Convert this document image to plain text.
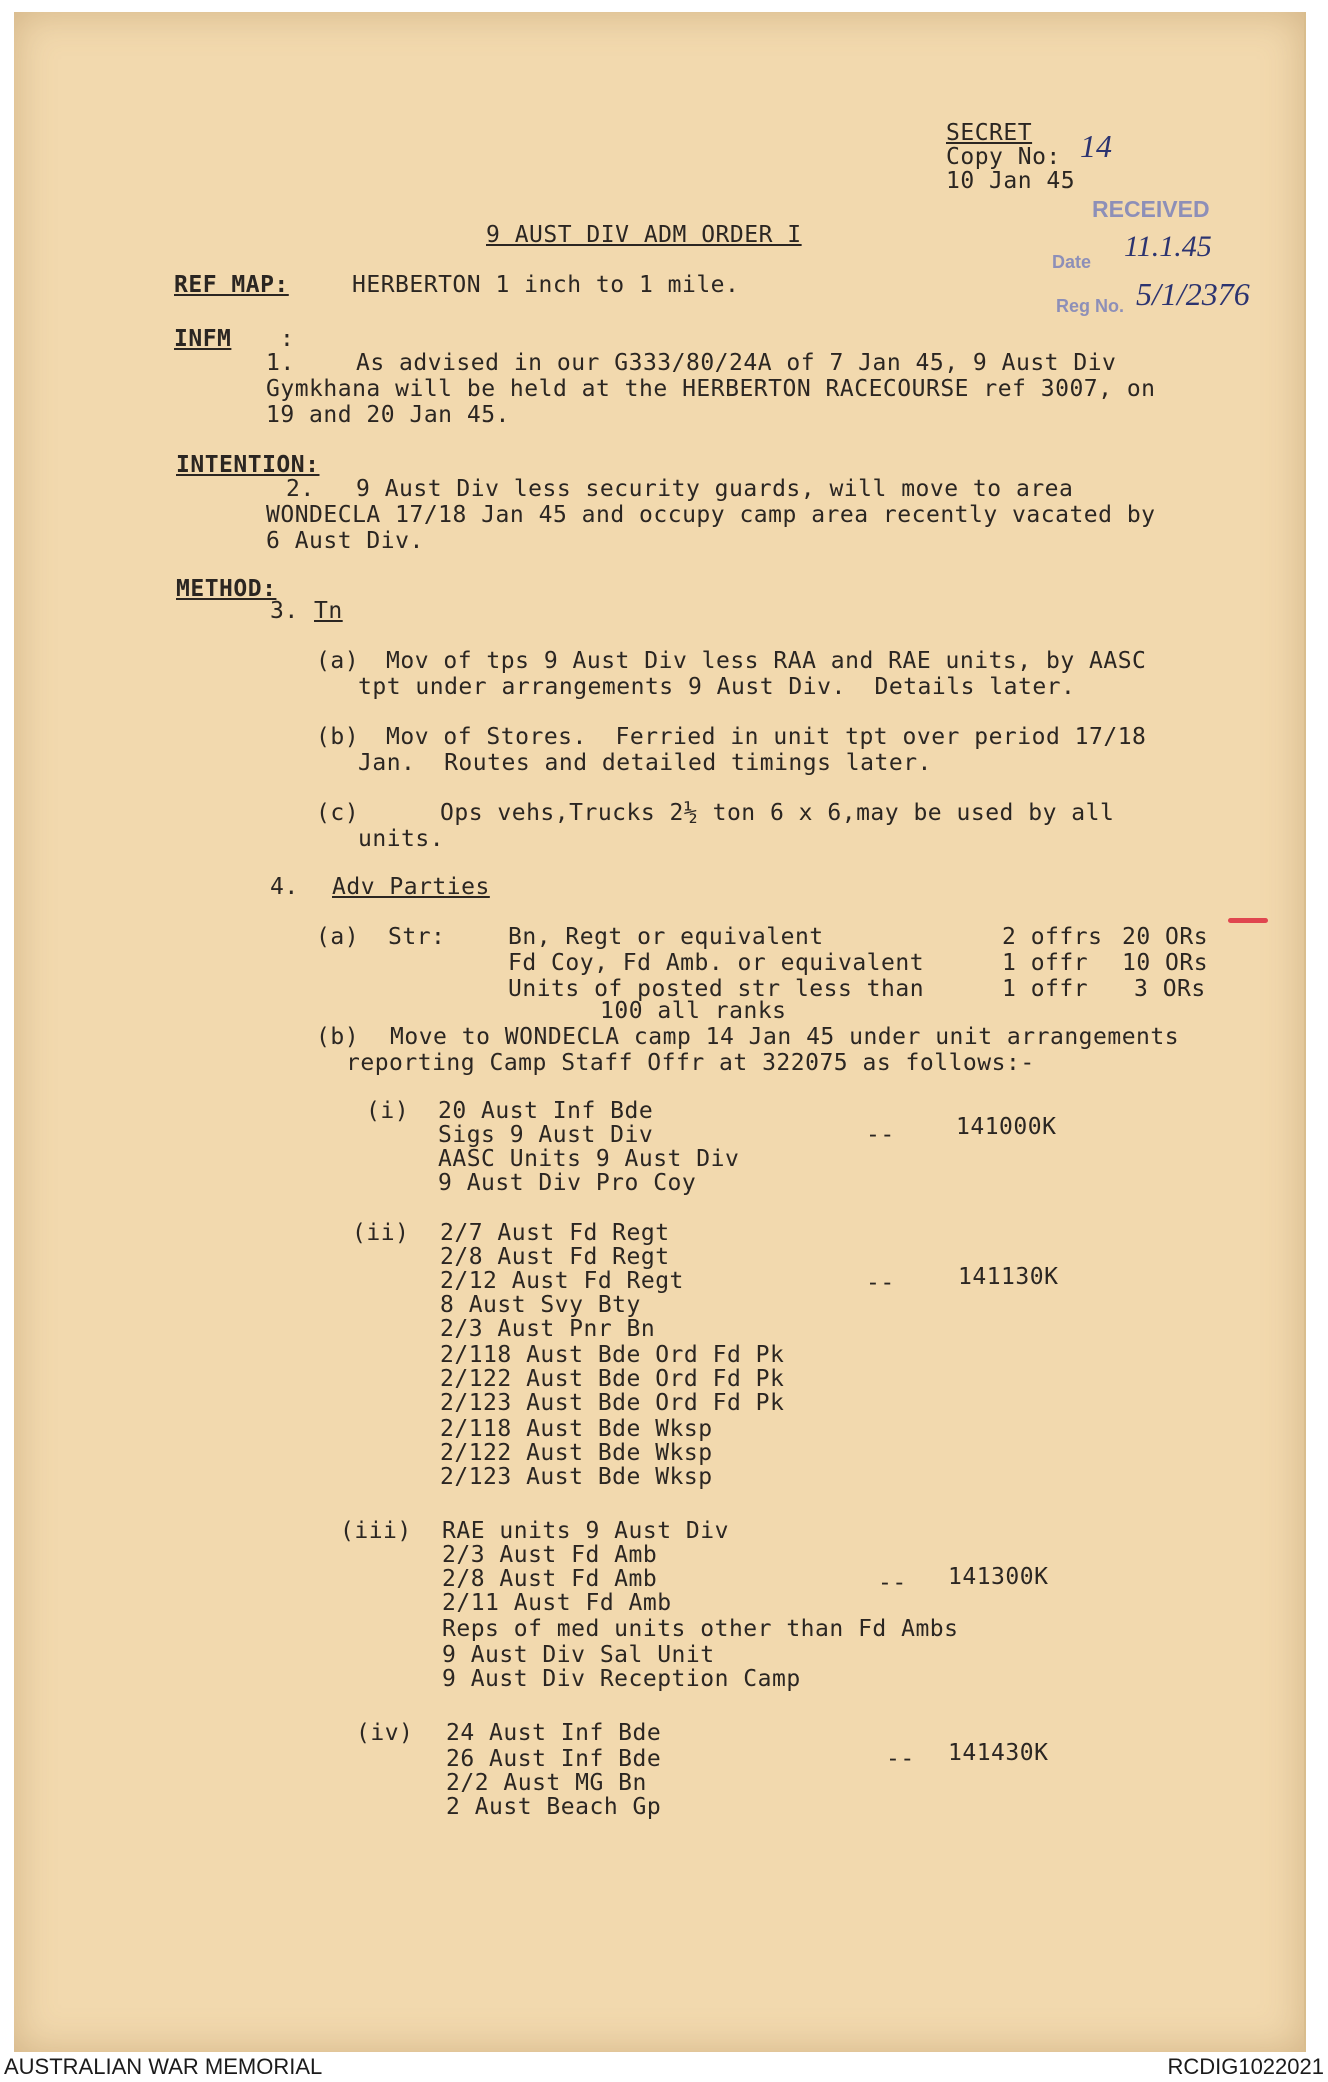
SECRET
Copy No: 14
10 Jan 45
RECEIVED
Date 11.1.45
Reg No. 5/1/2376
9 AUST DIV ADM ORDER I
REF MAP:	HERBERTON 1 inch to 1 mile.
INFM :
1.	As advised in our G333/80/24A of 7 Jan 45, 9 Aust Div
Gymkhana will be held at the HERBERTON RACECOURSE ref 3007, on
19 and 20 Jan 45.
INTENTION:
2. 9 Aust Div less security guards, will move to area
WONDECLA 17/18 Jan 45 and occupy camp area recently vacated by
6 Aust Div.
METHOD:
3. Tn
(a) Mov of tps 9 Aust Div less RAA and RAE units, by AASC
tpt under arrangements 9 Aust Div.  Details later.
(b) Mov of Stores.  Ferried in unit tpt over period 17/18
Jan.  Routes and detailed timings later.
(c)	Ops vehs,Trucks 2½ ton 6 x 6,may be used by all
units.
4. Adv Parties
(a) Str:	Bn, Regt or equivalent	2 offrs 20 ORs
Fd Coy, Fd Amb. or equivalent	1 offr 10 ORs
Units of posted str less than	1 offr 3 ORs
100 all ranks
(b) Move to WONDECLA camp 14 Jan 45 under unit arrangements
reporting Camp Staff Offr at 322075 as follows:-
(i) 20 Aust Inf Bde
Sigs 9 Aust Div
AASC Units 9 Aust Div
9 Aust Div Pro Coy
--	141000K
(ii) 2/7 Aust Fd Regt
2/8 Aust Fd Regt
2/12 Aust Fd Regt
8 Aust Svy Bty
2/3 Aust Pnr Bn
2/118 Aust Bde Ord Fd Pk
2/122 Aust Bde Ord Fd Pk
2/123 Aust Bde Ord Fd Pk
2/118 Aust Bde Wksp
2/122 Aust Bde Wksp
2/123 Aust Bde Wksp
--	141130K
(iii) RAE units 9 Aust Div
2/3 Aust Fd Amb
2/8 Aust Fd Amb
2/11 Aust Fd Amb
Reps of med units other than Fd Ambs
9 Aust Div Sal Unit
9 Aust Div Reception Camp
-- 141300K
(iv) 24 Aust Inf Bde
26 Aust Inf Bde
2/2 Aust MG Bn
2 Aust Beach Gp
-- 141430K
AUSTRALIAN WAR MEMORIAL	RCDIG1022021
